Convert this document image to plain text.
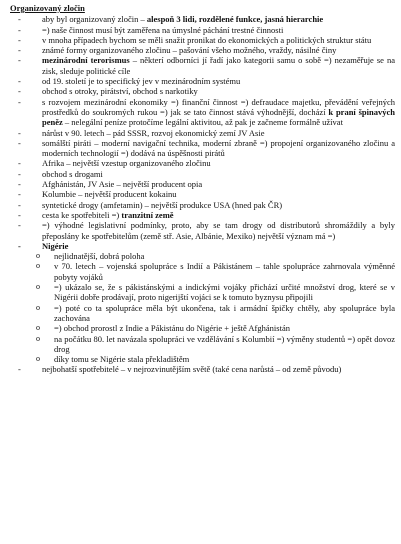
Organizovaný zločin
- aby byl organizovaný zločin – alespoň 3 lidi, rozdělené funkce, jasná hierarchie
- =) naše činnost musí být zaměřena na úmyslné páchání trestné činnosti
- v mnoha případech bychom se měli snažit pronikat do ekonomických a politických struktur státu
- známé formy organizovaného zločinu – pašování všeho možného, vraždy, násilné činy
- mezinárodní terorismus – některí odborníci jí řadí jako kategorii samu o sobě =) nezaměřuje se na zisk, sleduje politické cíle
- od 19. století je to specifický jev v mezinárodním systému
- obchod s otroky, pirátství, obchod s narkotiky
- s rozvojem mezinárodní ekonomiky =) finanční činnost =) defraudace majetku, převádění veřejných prostředků do soukromých rukou =) jak se tato činnost stává výhodnější, dochází k praní špinavých peněz – nelegální peníze protočíme legální aktivitou, až pak je začneme formálně užívat
- nárůst v 90. letech – pád SSSR, rozvoj ekonomický zemí JV Asie
- somálští piráti – moderní navigační technika, moderní zbraně =) propojení organizovaného zločinu a moderních technologií =) dodává na úspěšnosti pirátů
- Afrika – největší vzestup organizovaného zločinu
- obchod s drogami
- Afghánistán, JV Asie – největší producent opia
- Kolumbie – největší producent kokainu
- syntetické drogy (amfetamin) – největší produkce USA (hned pak ČR)
- cesta ke spotřebiteli =) tranzitní země
- =) výhodné legislativní podmínky, proto, aby se tam drogy od distributorů shromáždily a byly přeposlány ke spotřebitelům (země stř. Asie, Albánie, Mexiko) největší význam má =)
- Nigérie
o nejlidnatější, dobrá poloha
o v 70. letech – vojenská spolupráce s Indií a Pákistánem – tahle spolupráce zahrnovala výměnné pobyty vojáků
o =) ukázalo se, že s pákistánskými a indickými vojáky přichází určité množství drog, které se v Nigérii dobře prodávají, proto nigerijští vojáci se k tomuto byznysu připojili
o =) poté co ta spolupráce měla být ukončena, tak i armádní špičky chtěly, aby spolupráce byla zachována
o =) obchod prorostl z Indie a Pákistánu do Nigérie + ještě Afghánistán
o na počátku 80. let navázala spolupráci ve vzdělávání s Kolumbií =) výměny studentů =) opět dovoz drog
o díky tomu se Nigérie stala překladištěm
- nejbohatší spotřebitelé – v nejrozvinutějším světě (také cena narůstá – od země původu)
